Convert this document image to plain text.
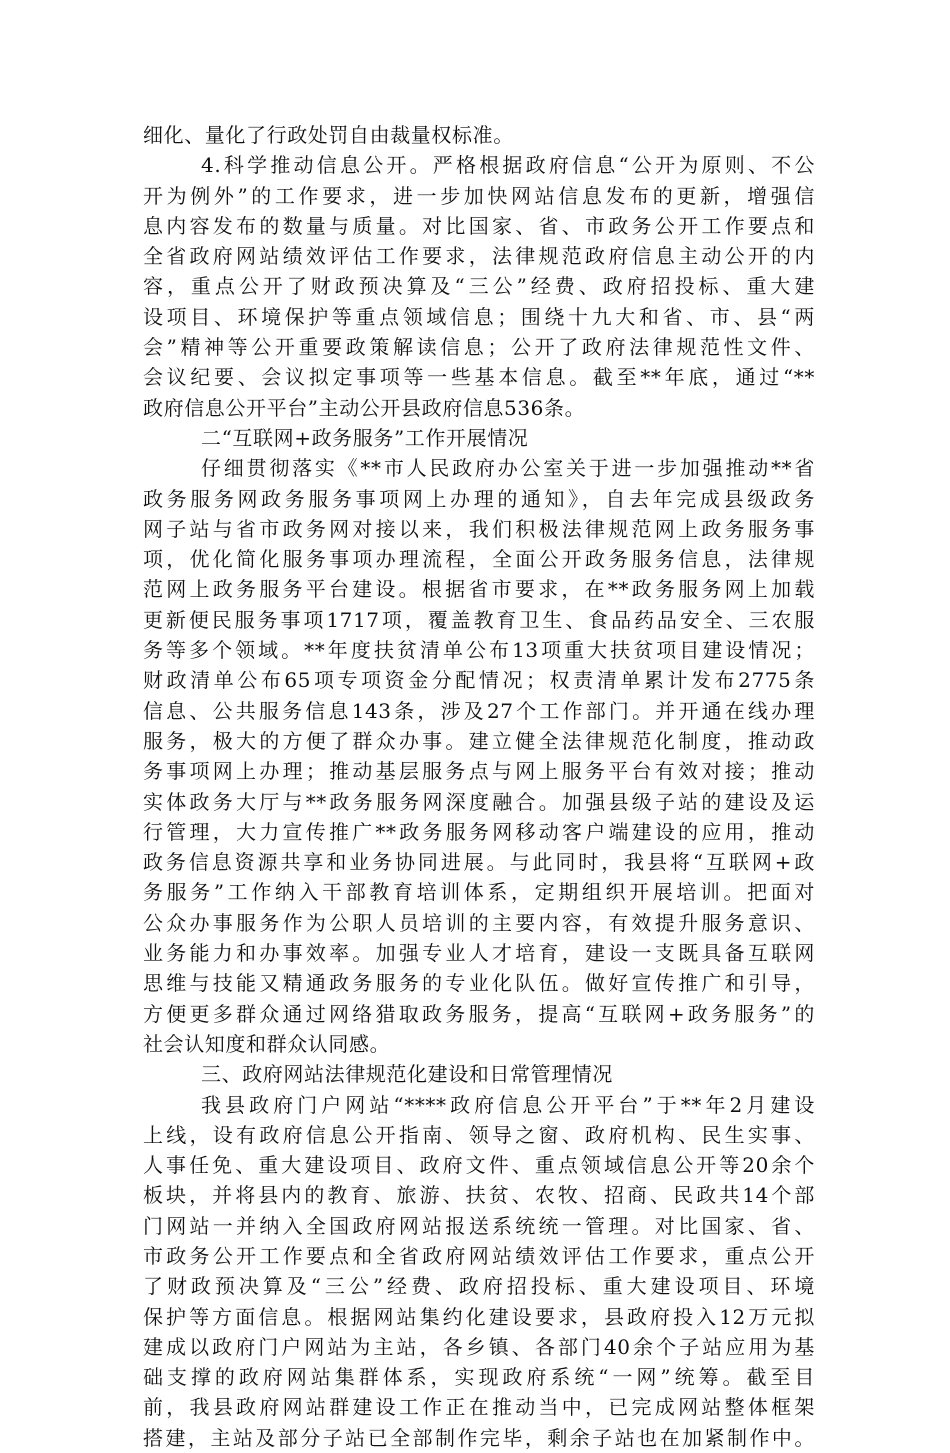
细化、量化了行政处罚自由裁量权标准。
4.科学推动信息公开。严格根据政府信息“公开为原则、不公
开为例外”的工作要求，进一步加快网站信息发布的更新，增强信
息内容发布的数量与质量。对比国家、省、市政务公开工作要点和
全省政府网站绩效评估工作要求，法律规范政府信息主动公开的内
容，重点公开了财政预决算及“三公”经费、政府招投标、重大建
设项目、环境保护等重点领域信息；围绕十九大和省、市、县“两
会”精神等公开重要政策解读信息；公开了政府法律规范性文件、
会议纪要、会议拟定事项等一些基本信息。截至**年底，通过“**
政府信息公开平台”主动公开县政府信息536条。
二“互联网+政务服务”工作开展情况
仔细贯彻落实《**市人民政府办公室关于进一步加强推动**省
政务服务网政务服务事项网上办理的通知》，自去年完成县级政务
网子站与省市政务网对接以来，我们积极法律规范网上政务服务事
项，优化简化服务事项办理流程，全面公开政务服务信息，法律规
范网上政务服务平台建设。根据省市要求，在**政务服务网上加载
更新便民服务事项1717项，覆盖教育卫生、食品药品安全、三农服
务等多个领域。**年度扶贫清单公布13项重大扶贫项目建设情况；
财政清单公布65项专项资金分配情况；权责清单累计发布2775条
信息、公共服务信息143条，涉及27个工作部门。并开通在线办理
服务，极大的方便了群众办事。建立健全法律规范化制度，推动政
务事项网上办理；推动基层服务点与网上服务平台有效对接；推动
实体政务大厅与**政务服务网深度融合。加强县级子站的建设及运
行管理，大力宣传推广**政务服务网移动客户端建设的应用，推动
政务信息资源共享和业务协同进展。与此同时，我县将“互联网+政
务服务”工作纳入干部教育培训体系，定期组织开展培训。把面对
公众办事服务作为公职人员培训的主要内容，有效提升服务意识、
业务能力和办事效率。加强专业人才培育，建设一支既具备互联网
思维与技能又精通政务服务的专业化队伍。做好宣传推广和引导，
方便更多群众通过网络猎取政务服务，提高“互联网+政务服务”的
社会认知度和群众认同感。
三、政府网站法律规范化建设和日常管理情况
我县政府门户网站“****政府信息公开平台”于**年2月建设
上线，设有政府信息公开指南、领导之窗、政府机构、民生实事、
人事任免、重大建设项目、政府文件、重点领域信息公开等20余个
板块，并将县内的教育、旅游、扶贫、农牧、招商、民政共14个部
门网站一并纳入全国政府网站报送系统统一管理。对比国家、省、
市政务公开工作要点和全省政府网站绩效评估工作要求，重点公开
了财政预决算及“三公”经费、政府招投标、重大建设项目、环境
保护等方面信息。根据网站集约化建设要求，县政府投入12万元拟
建成以政府门户网站为主站，各乡镇、各部门40余个子站应用为基
础支撑的政府网站集群体系，实现政府系统“一网”统筹。截至目
前，我县政府网站群建设工作正在推动当中，已完成网站整体框架
搭建，主站及部分子站已全部制作完毕，剩余子站也在加紧制作中。
